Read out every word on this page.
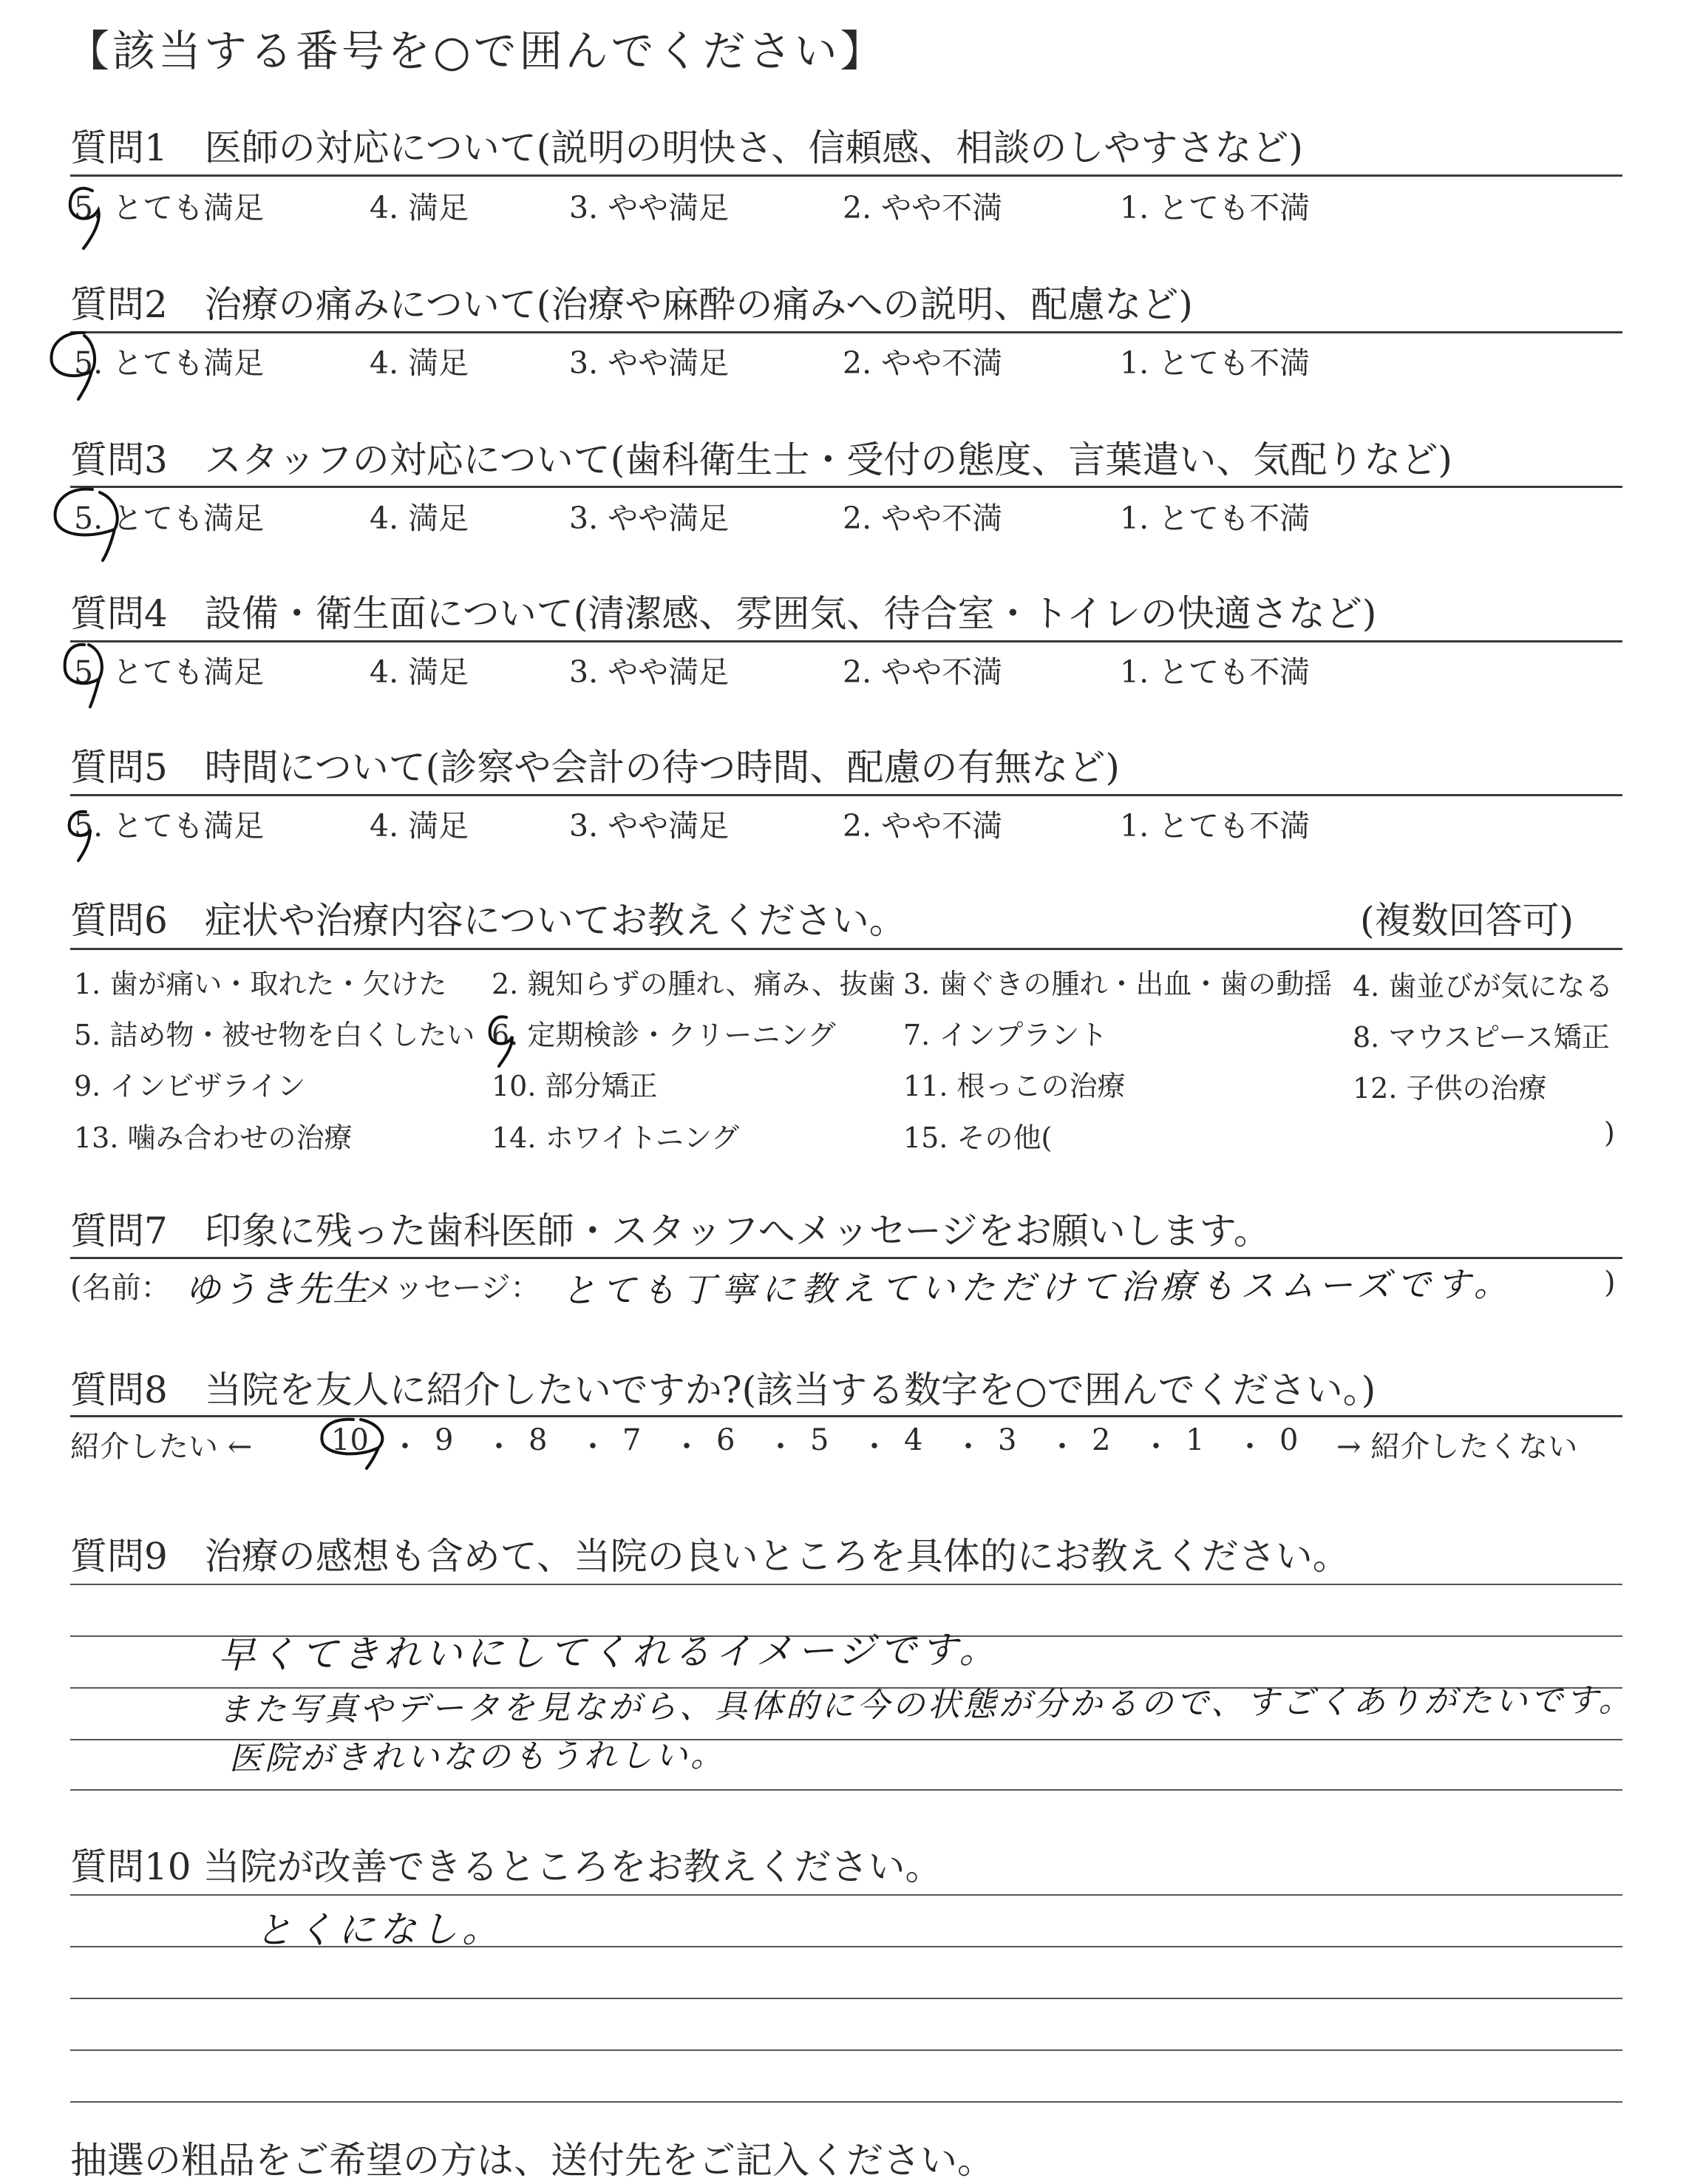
【該当する番号を○で囲んでください】
質問1　医師の対応について(説明の明快さ、信頼感、相談のしやすさなど)
5. とても満足	4. 満足	3. やや満足	2. やや不満	1. とても不満
質問2　治療の痛みについて(治療や麻酔の痛みへの説明、配慮など)
5. とても満足	4. 満足	3. やや満足	2. やや不満	1. とても不満
質問3　スタッフの対応について(歯科衛生士・受付の態度、言葉遣い、気配りなど)
5. とても満足	4. 満足	3. やや満足	2. やや不満	1. とても不満
質問4　設備・衛生面について(清潔感、雰囲気、待合室・トイレの快適さなど)
5. とても満足	4. 満足	3. やや満足	2. やや不満	1. とても不満
質問5　時間について(診察や会計の待つ時間、配慮の有無など)
5. とても満足	4. 満足	3. やや満足	2. やや不満	1. とても不満
質問6　症状や治療内容についてお教えください。	(複数回答可)
1. 歯が痛い・取れた・欠けた 2. 親知らずの腫れ、痛み、抜歯 3. 歯ぐきの腫れ・出血・歯の動揺 4. 歯並びが気になる
5. 詰め物・被せ物を白くしたい 6. 定期検診・クリーニング 7. インプラント	8. マウスピース矯正
9. インビザライン	10. 部分矯正	11. 根っこの治療	12. 子供の治療
13. 噛み合わせの治療	14. ホワイトニング	15. その他(	)
質問7　印象に残った歯科医師・スタッフへメッセージをお願いします。
(名前： ゆうき先生
メッセージ： とても丁寧に教えていただけて治療もスムーズです。	)
質問8　当院を友人に紹介したいですか?(該当する数字を○で囲んでください。)
紹介したい ←	10 ・ 9 ・ 8 ・ 7 ・ 6 ・ 5 ・ 4 ・ 3 ・ 2 ・ 1 ・ 0 → 紹介したくない
質問9　治療の感想も含めて、当院の良いところを具体的にお教えください。
早くてきれいにしてくれるイメージです。
また写真やデータを見ながら、具体的に今の状態が分かるので、すごくありがたいです。
医院がきれいなのもうれしい。
質問10 当院が改善できるところをお教えください。
とくになし。
抽選の粗品をご希望の方は、送付先をご記入ください。
